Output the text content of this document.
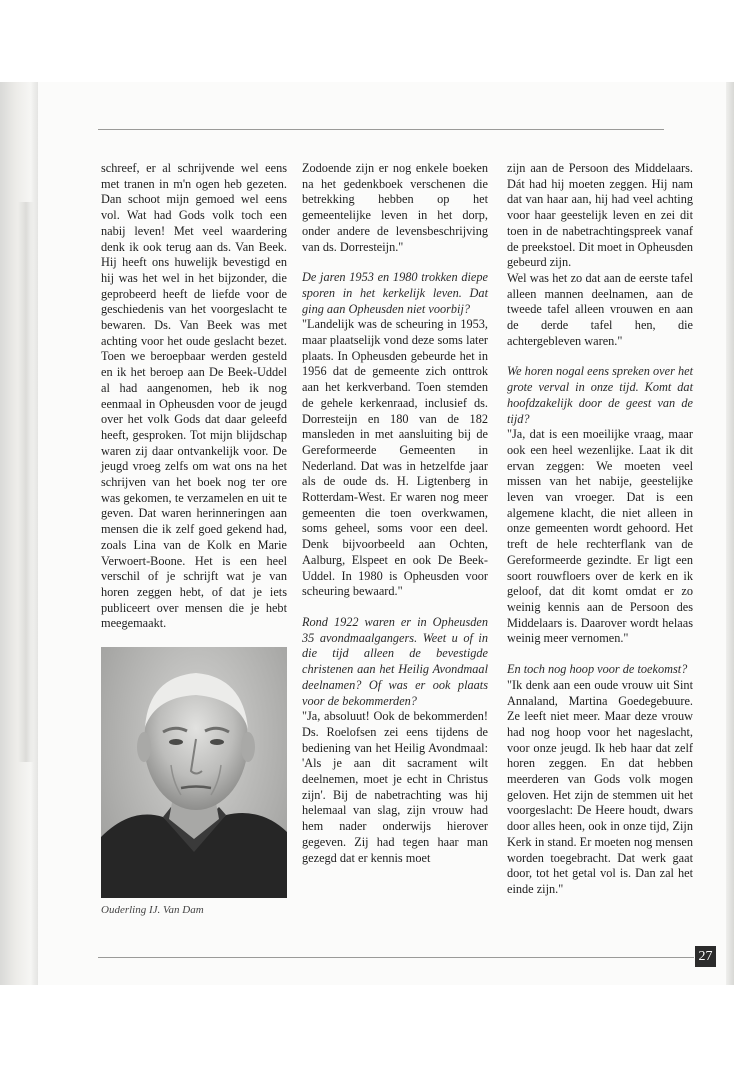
schreef, er al schrijvende wel eens met tranen in m'n ogen heb gezeten. Dan schoot mijn gemoed wel eens vol. Wat had Gods volk toch een nabij leven! Met veel waardering denk ik ook terug aan ds. Van Beek. Hij heeft ons huwelijk bevestigd en hij was het wel in het bijzonder, die geprobeerd heeft de liefde voor de geschiedenis van het voorgeslacht te bewaren. Ds. Van Beek was met achting voor het oude geslacht bezet. Toen we beroepbaar werden gesteld en ik het beroep aan De Beek-Uddel al had aangenomen, heb ik nog eenmaal in Opheusden voor de jeugd over het volk Gods dat daar geleefd heeft, gesproken. Tot mijn blijdschap waren zij daar ontvankelijk voor. De jeugd vroeg zelfs om wat ons na het schrijven van het boek nog ter ore was gekomen, te verzamelen en uit te geven. Dat waren herinneringen aan mensen die ik zelf goed gekend had, zoals Lina van de Kolk en Marie Verwoert-Boone. Het is een heel verschil of je schrijft wat je van horen zeggen hebt, of dat je iets publiceert over mensen die je hebt meegemaakt.

Ouderling IJ. Van Dam

Zodoende zijn er nog enkele boeken na het gedenkboek verschenen die betrekking hebben op het gemeentelijke leven in het dorp, onder andere de levensbeschrijving van ds. Dorresteijn."

De jaren 1953 en 1980 trokken diepe sporen in het kerkelijk leven. Dat ging aan Opheusden niet voorbij?

"Landelijk was de scheuring in 1953, maar plaatselijk vond deze soms later plaats. In Opheusden gebeurde het in 1956 dat de gemeente zich onttrok aan het kerkverband. Toen stemden de gehele kerkenraad, inclusief ds. Dorresteijn en 180 van de 182 mansleden in met aansluiting bij de Gereformeerde Gemeenten in Nederland. Dat was in hetzelfde jaar als de oude ds. H. Ligtenberg in Rotterdam-West. Er waren nog meer gemeenten die toen overkwamen, soms geheel, soms voor een deel. Denk bijvoorbeeld aan Ochten, Aalburg, Elspeet en ook De Beek-Uddel. In 1980 is Opheusden voor scheuring bewaard."

Rond 1922 waren er in Opheusden 35 avondmaalgangers. Weet u of in die tijd alleen de bevestigde christenen aan het Heilig Avondmaal deelnamen? Of was er ook plaats voor de bekommerden?

"Ja, absoluut! Ook de bekommerden! Ds. Roelofsen zei eens tijdens de bediening van het Heilig Avondmaal: 'Als je aan dit sacrament wilt deelnemen, moet je echt in Christus zijn'. Bij de nabetrachting was hij helemaal van slag, zijn vrouw had hem nader onderwijs hierover gegeven. Zij had tegen haar man gezegd dat er kennis moet

zijn aan de Persoon des Middelaars. Dát had hij moeten zeggen. Hij nam dat van haar aan, hij had veel achting voor haar geestelijk leven en zei dit toen in de nabetrachtingspreek vanaf de preekstoel. Dit moet in Opheusden gebeurd zijn.

Wel was het zo dat aan de eerste tafel alleen mannen deelnamen, aan de tweede tafel alleen vrouwen en aan de derde tafel hen, die achtergebleven waren."

We horen nogal eens spreken over het grote verval in onze tijd. Komt dat hoofdzakelijk door de geest van de tijd?

"Ja, dat is een moeilijke vraag, maar ook een heel wezenlijke. Laat ik dit ervan zeggen: We moeten veel missen van het nabije, geestelijke leven van vroeger. Dat is een algemene klacht, die niet alleen in onze gemeenten wordt gehoord. Het treft de hele rechterflank van de Gereformeerde gezindte. Er ligt een soort rouwfloers over de kerk en ik geloof, dat dit komt omdat er zo weinig kennis aan de Persoon des Middelaars is. Daarover wordt helaas weinig meer vernomen."

En toch nog hoop voor de toekomst?

"Ik denk aan een oude vrouw uit Sint Annaland, Martina Goedegebuure. Ze leeft niet meer. Maar deze vrouw had nog hoop voor het nageslacht, voor onze jeugd. Ik heb haar dat zelf horen zeggen. En dat hebben meerderen van Gods volk mogen geloven. Het zijn de stemmen uit het voorgeslacht: De Heere houdt, dwars door alles heen, ook in onze tijd, Zijn Kerk in stand. Er moeten nog mensen worden toegebracht. Dat werk gaat door, tot het getal vol is. Dan zal het einde zijn."

27
